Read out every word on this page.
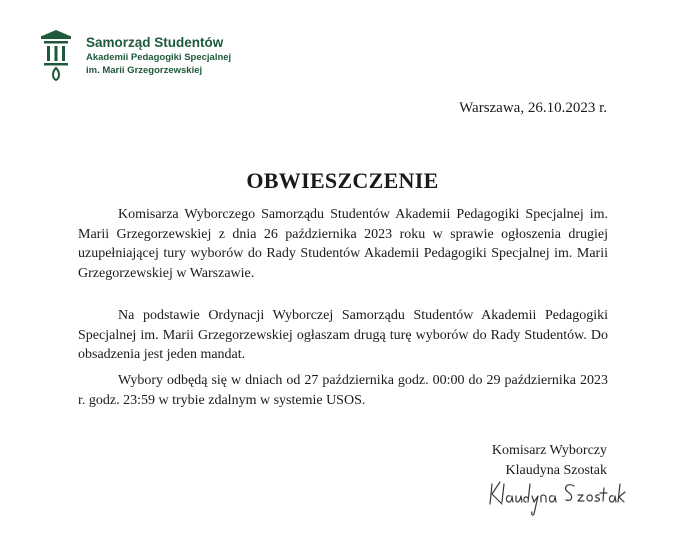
Samorząd Studentów
Akademii Pedagogiki Specjalnej
im. Marii Grzegorzewskiej
Warszawa, 26.10.2023 r.
OBWIESZCZENIE

Komisarza Wyborczego Samorządu Studentów Akademii Pedagogiki Specjalnej im. Marii Grzegorzewskiej z dnia 26 października 2023 roku w sprawie ogłoszenia drugiej uzupełniającej tury wyborów do Rady Studentów Akademii Pedagogiki Specjalnej im. Marii Grzegorzewskiej w Warszawie.

Na podstawie Ordynacji Wyborczej Samorządu Studentów Akademii Pedagogiki Specjalnej im. Marii Grzegorzewskiej ogłaszam drugą turę wyborów do Rady Studentów. Do obsadzenia jest jeden mandat.

Wybory odbędą się w dniach od 27 października godz. 00:00 do 29 października 2023 r. godz. 23:59 w trybie zdalnym w systemie USOS.

Komisarz Wyborczy
Klaudyna Szostak
